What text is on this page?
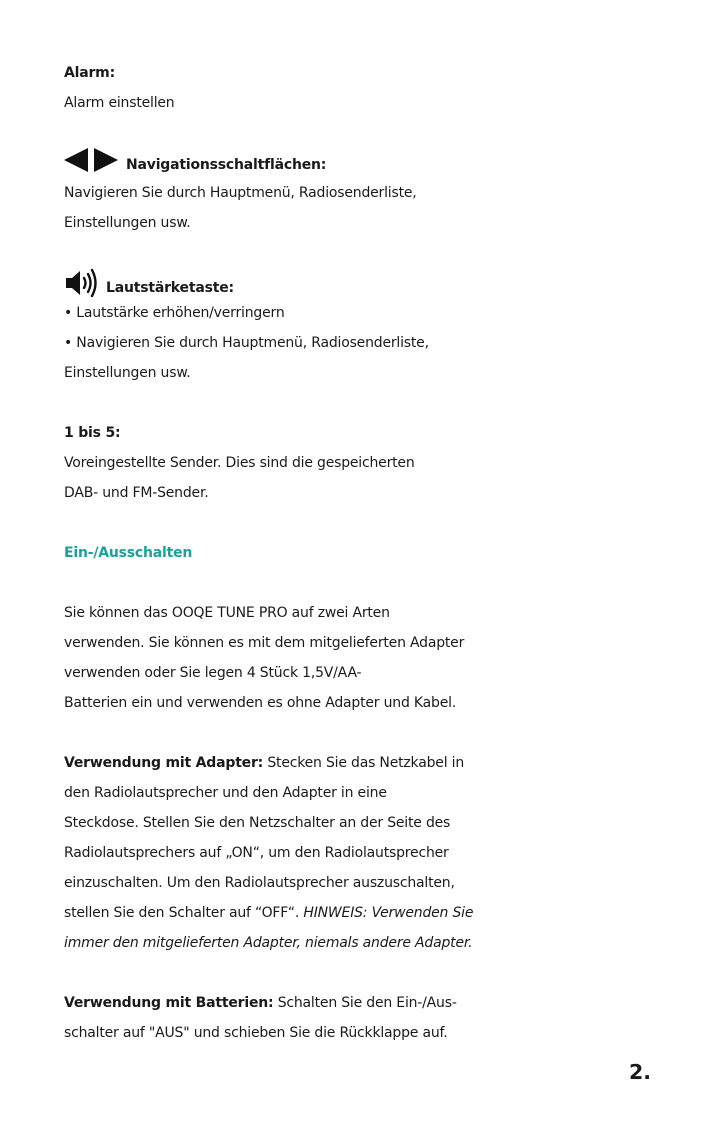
Alarm:
Alarm einstellen
Navigationsschaltflächen:
Navigieren Sie durch Hauptmenü, Radiosenderliste,
Einstellungen usw.
Lautstärketaste:
• Lautstärke erhöhen/verringern
• Navigieren Sie durch Hauptmenü, Radiosenderliste,
Einstellungen usw.
1 bis 5:
Voreingestellte Sender. Dies sind die gespeicherten
DAB- und FM-Sender.
Ein-/Ausschalten
Sie können das OOQE TUNE PRO auf zwei Arten
verwenden. Sie können es mit dem mitgelieferten Adapter
verwenden oder Sie legen 4 Stück 1,5V/AA-
Batterien ein und verwenden es ohne Adapter und Kabel.
Verwendung mit Adapter: Stecken Sie das Netzkabel in
den Radiolautsprecher und den Adapter in eine
Steckdose. Stellen Sie den Netzschalter an der Seite des
Radiolautsprechers auf „ON“, um den Radiolautsprecher
einzuschalten. Um den Radiolautsprecher auszuschalten,
stellen Sie den Schalter auf “OFF“. HINWEIS: Verwenden Sie
immer den mitgelieferten Adapter, niemals andere Adapter.
Verwendung mit Batterien: Schalten Sie den Ein-/Aus-
schalter auf "AUS" und schieben Sie die Rückklappe auf.
2.
